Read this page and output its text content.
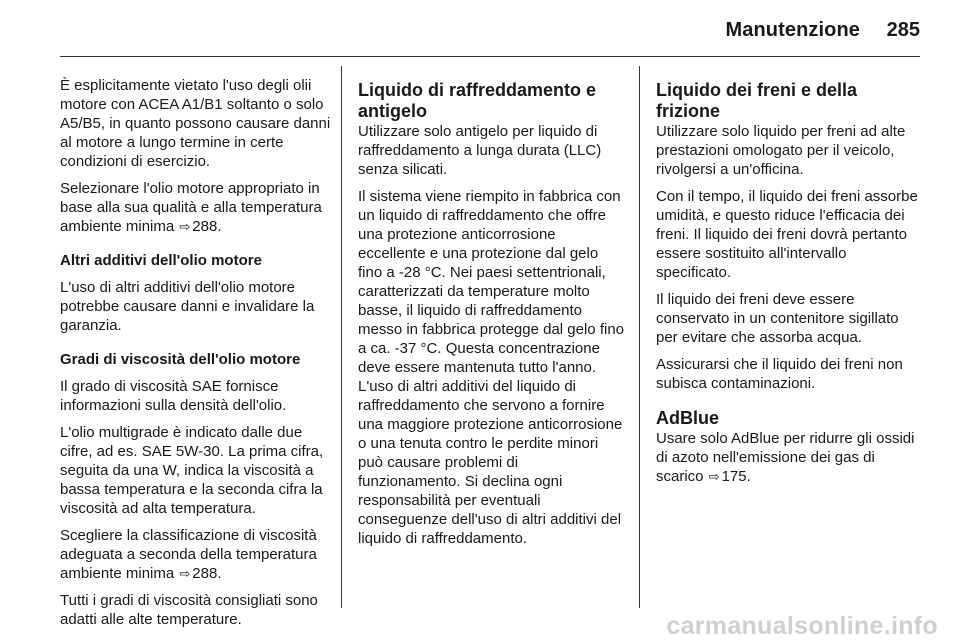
Manutenzione	285

È esplicitamente vietato l'uso degli olii motore con ACEA A1/B1 soltanto o solo A5/B5, in quanto possono causare danni al motore a lungo termine in certe condizioni di esercizio.

Selezionare l'olio motore appropriato in base alla sua qualità e alla temperatura ambiente minima ⇨ 288.

Altri additivi dell'olio motore

L'uso di altri additivi dell'olio motore potrebbe causare danni e invalidare la garanzia.

Gradi di viscosità dell'olio motore

Il grado di viscosità SAE fornisce informazioni sulla densità dell'olio.

L'olio multigrade è indicato dalle due cifre, ad es. SAE 5W-30. La prima cifra, seguita da una W, indica la viscosità a bassa temperatura e la seconda cifra la viscosità ad alta temperatura.

Scegliere la classificazione di viscosità adeguata a seconda della temperatura ambiente minima ⇨ 288.

Tutti i gradi di viscosità consigliati sono adatti alle alte temperature.

Liquido di raffreddamento e antigelo

Utilizzare solo antigelo per liquido di raffreddamento a lunga durata (LLC) senza silicati.

Il sistema viene riempito in fabbrica con un liquido di raffreddamento che offre una protezione anticorrosione eccellente e una protezione dal gelo fino a -28 °C. Nei paesi settentrionali, caratterizzati da temperature molto basse, il liquido di raffreddamento messo in fabbrica protegge dal gelo fino a ca. -37 °C. Questa concentrazione deve essere mantenuta tutto l'anno. L'uso di altri additivi del liquido di raffreddamento che servono a fornire una maggiore protezione anticorrosione o una tenuta contro le perdite minori può causare problemi di funzionamento. Si declina ogni responsabilità per eventuali conseguenze dell'uso di altri additivi del liquido di raffreddamento.

Liquido dei freni e della frizione

Utilizzare solo liquido per freni ad alte prestazioni omologato per il veicolo, rivolgersi a un'officina.

Con il tempo, il liquido dei freni assorbe umidità, e questo riduce l'efficacia dei freni. Il liquido dei freni dovrà pertanto essere sostituito all'intervallo specificato.

Il liquido dei freni deve essere conservato in un contenitore sigillato per evitare che assorba acqua.

Assicurarsi che il liquido dei freni non subisca contaminazioni.

AdBlue

Usare solo AdBlue per ridurre gli ossidi di azoto nell'emissione dei gas di scarico ⇨ 175.

carmanualsonline.info
